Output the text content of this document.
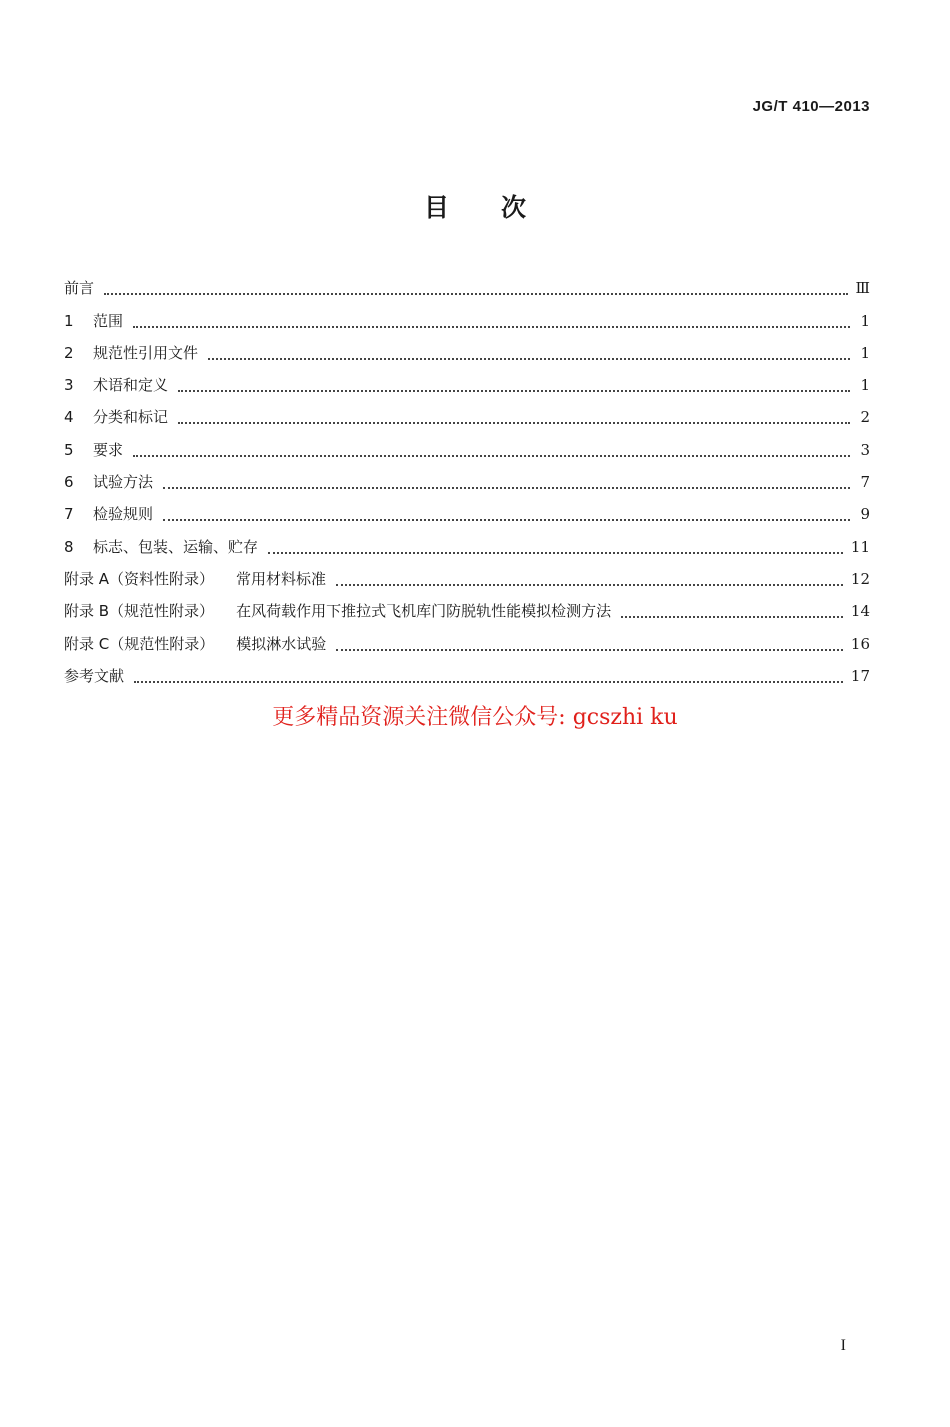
JG/T 410—2013
目次
前言	Ⅲ
1	范围	1
2	规范性引用文件	1
3	术语和定义	1
4	分类和标记	2
5	要求	3
6	试验方法	7
7	检验规则	9
8	标志、包装、运输、贮存	11
附录 A（资料性附录） 常用材料标准	12
附录 B（规范性附录） 在风荷载作用下推拉式飞机库门防脱轨性能模拟检测方法	14
附录 C（规范性附录） 模拟淋水试验	16
参考文献	17
更多精品资源关注微信公众号: gcszhi ku
I
